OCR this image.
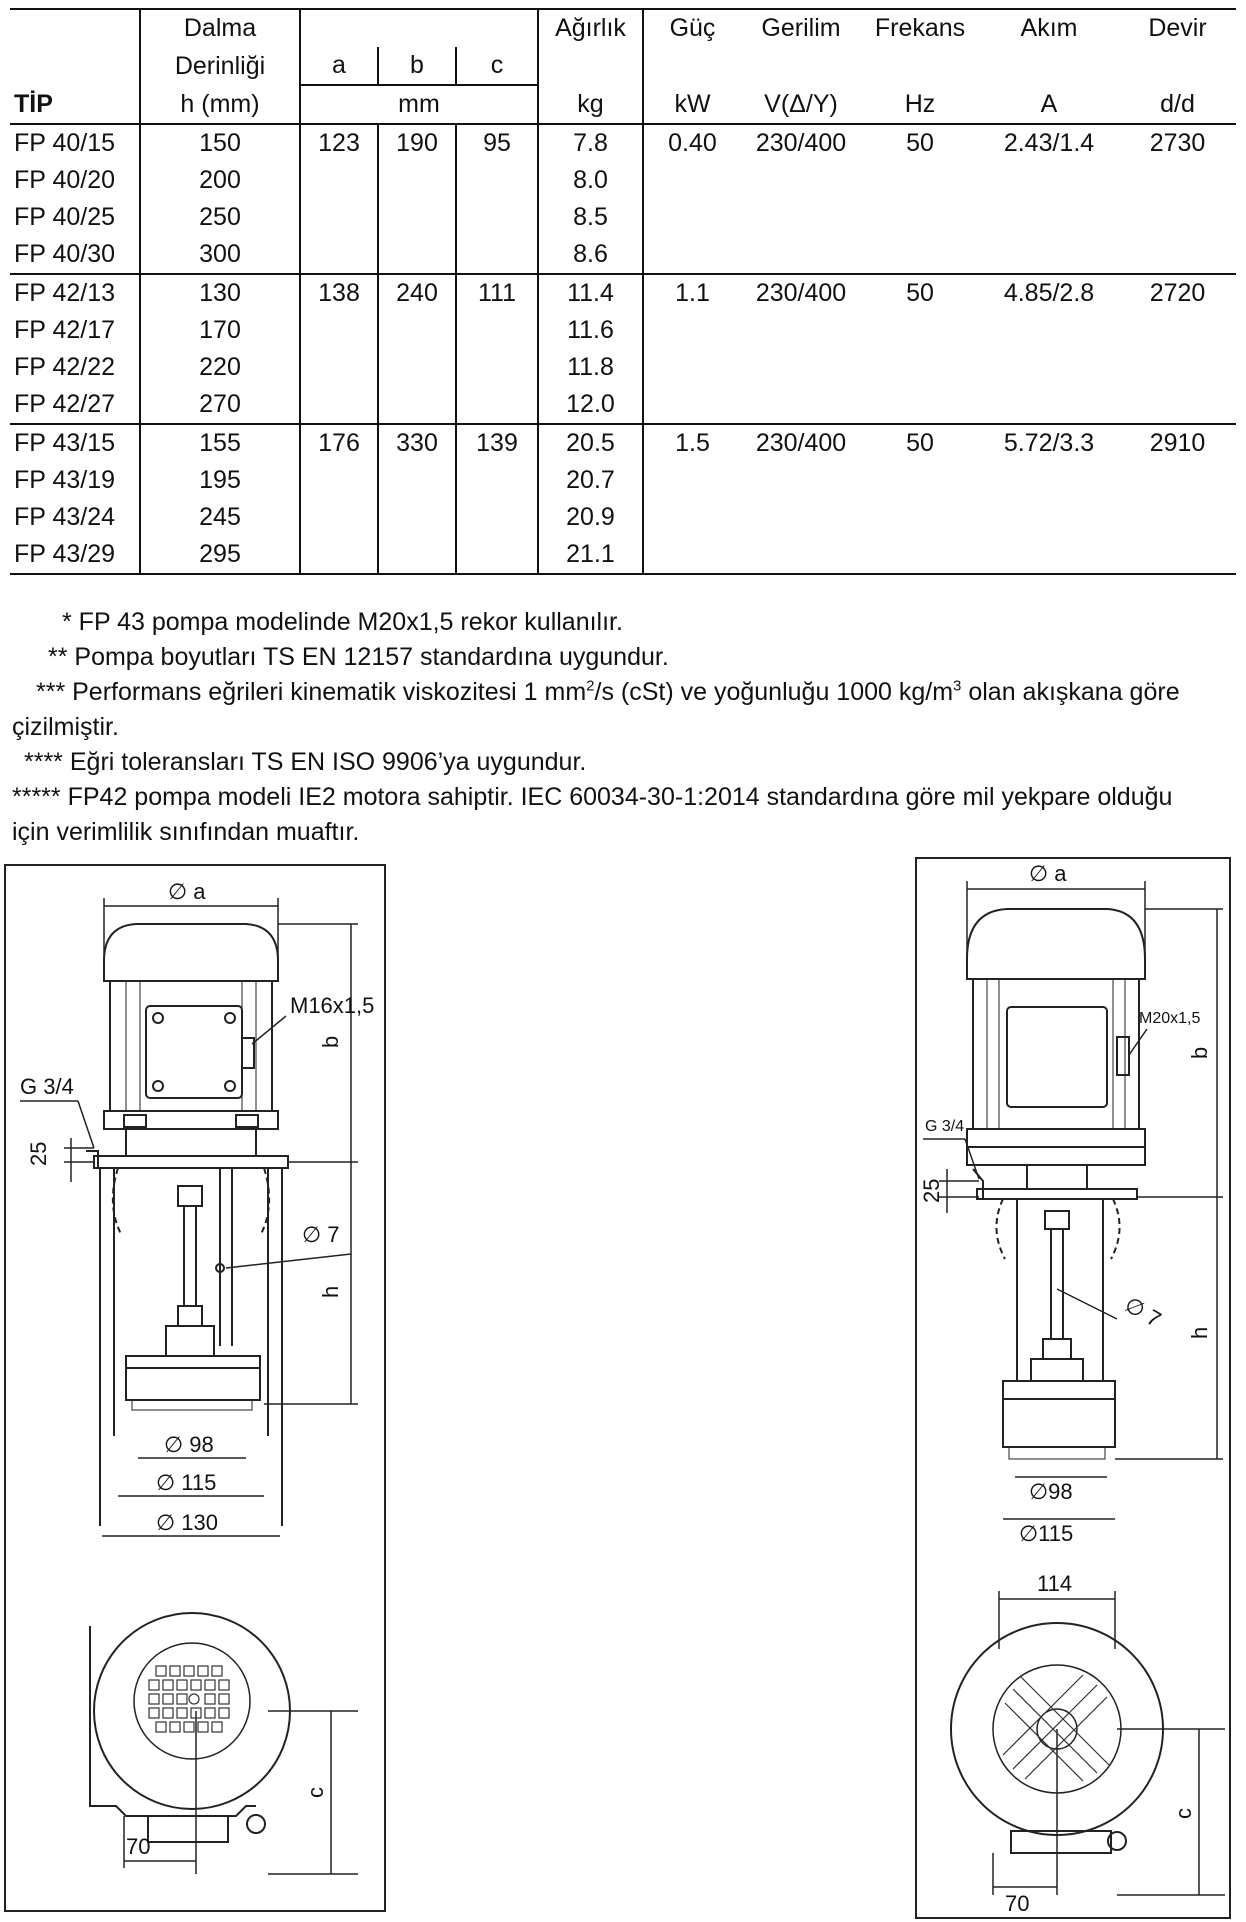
	Dalma				Ağırlık	Güç	Gerilim	Frekans	Akım	Devir
	Derinliği	a	b	c						
TİP	h (mm)	mm			kg	kW	V(Δ/Y)	Hz	A	d/d
FP 40/15	150	123	190	95	7.8	0.40	230/400	50	2.43/1.4	2730
FP 40/20	200				8.0					
FP 40/25	250				8.5					
FP 40/30	300				8.6					
FP 42/13	130	138	240	111	11.4	1.1	230/400	50	4.85/2.8	2720
FP 42/17	170				11.6					
FP 42/22	220				11.8					
FP 42/27	270				12.0					
FP 43/15	155	176	330	139	20.5	1.5	230/400	50	5.72/3.3	2910
FP 43/19	195				20.7					
FP 43/24	245				20.9					
FP 43/29	295				21.1					

* FP 43 pompa modelinde M20x1,5 rekor kullanılır.

** Pompa boyutları TS EN 12157 standardına uygundur.

*** Performans eğrileri kinematik viskozitesi 1 $mm^2/s$ (cSt) ve yoğunluğu 1000 $kg/m^3$ olan akışkana göre

çizilmiştir.

**** Eğri toleransları TS EN ISO 9906’ya uygundur.

***** FP42 pompa modeli IE2 motora sahiptir. IEC 60034-30-1:2014 standardına göre mil yekpare olduğu

için verimlilik sınıfından muaftır.

∅ a
M16x1,5
G 3/4
25
b
∅ 7
h
∅ 98
∅ 115
∅ 130
c
70
∅ a
M20x1,5
G 3/4
25
b
∅ 7
h
∅98
∅115
114
c
70
